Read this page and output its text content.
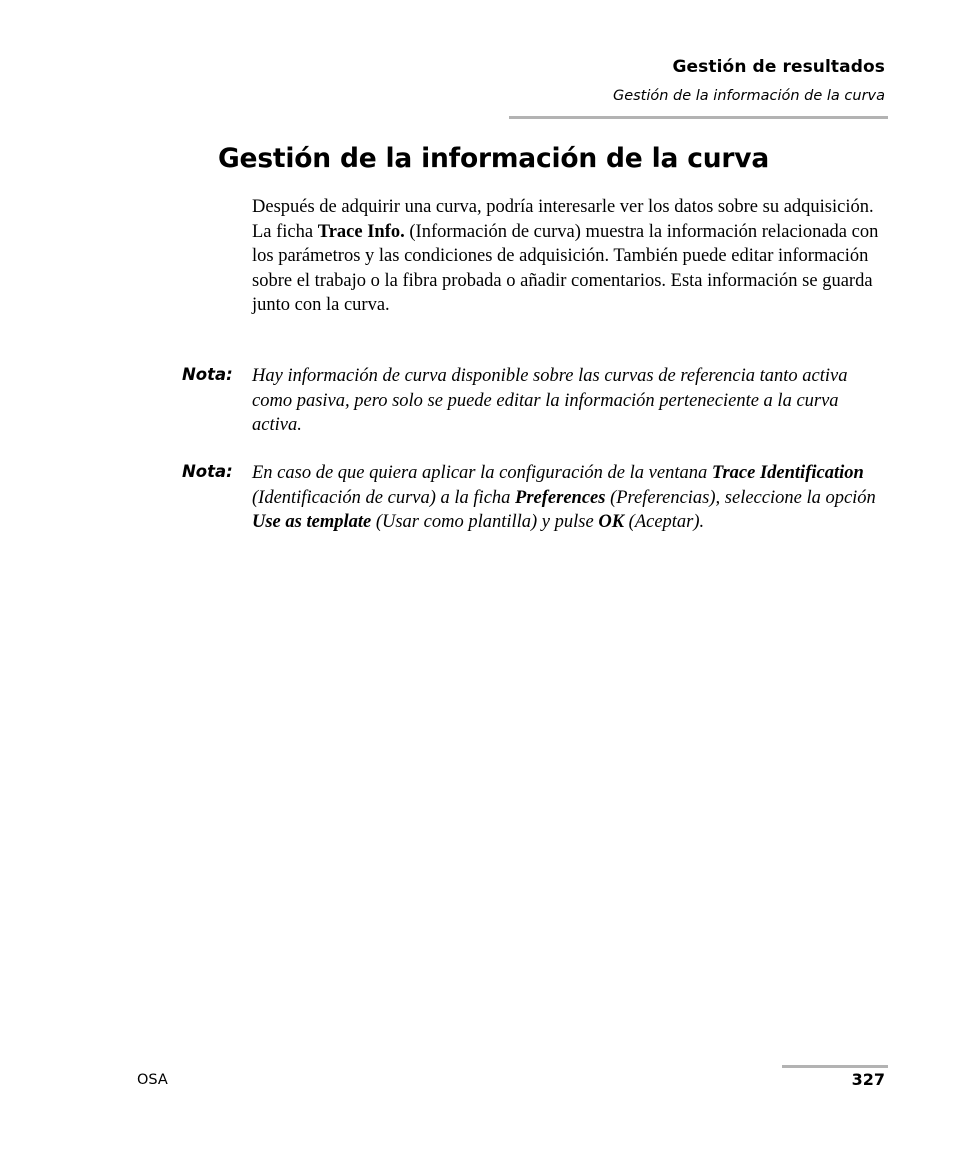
Gestión de resultados
Gestión de la información de la curva
Gestión de la información de la curva

Después de adquirir una curva, podría interesarle ver los datos sobre su adquisición. La ficha Trace Info. (Información de curva) muestra la información relacionada con los parámetros y las condiciones de adquisición. También puede editar información sobre el trabajo o la fibra probada o añadir comentarios. Esta información se guarda junto con la curva.

Nota: Hay información de curva disponible sobre las curvas de referencia tanto activa como pasiva, pero solo se puede editar la información perteneciente a la curva activa.

Nota: En caso de que quiera aplicar la configuración de la ventana Trace Identification (Identificación de curva) a la ficha Preferences (Preferencias), seleccione la opción Use as template (Usar como plantilla) y pulse OK (Aceptar).

OSA	327
